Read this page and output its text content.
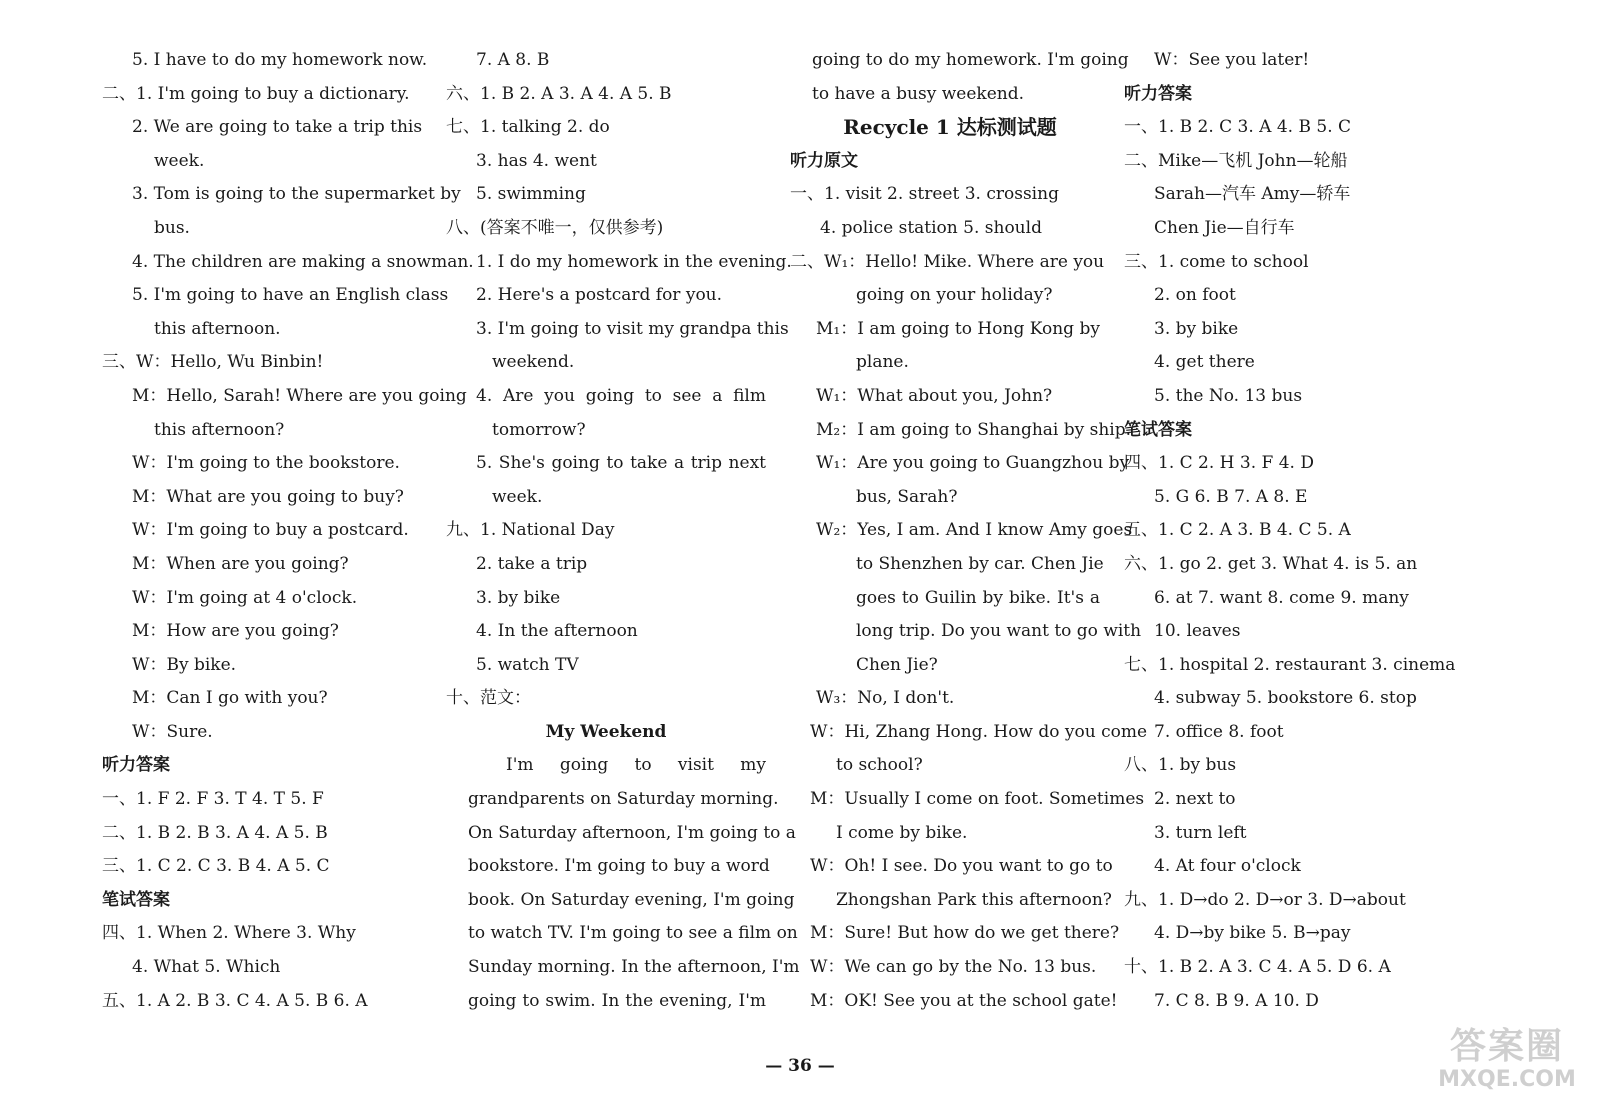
5. I have to do my homework now.
二、1. I'm going to buy a dictionary.
2. We are going to take a trip this
week.
3. Tom is going to the supermarket by
bus.
4. The children are making a snowman.
5. I'm going to have an English class
this afternoon.
三、W：Hello, Wu Binbin!
M：Hello, Sarah! Where are you going
this afternoon?
W：I'm going to the bookstore.
M：What are you going to buy?
W：I'm going to buy a postcard.
M：When are you going?
W：I'm going at 4 o'clock.
M：How are you going?
W：By bike.
M：Can I go with you?
W：Sure.
听力答案
一、1. F 2. F 3. T 4. T 5. F
二、1. B 2. B 3. A 4. A 5. B
三、1. C 2. C 3. B 4. A 5. C
笔试答案
四、1. When 2. Where 3. Why
4. What 5. Which
五、1. A 2. B 3. C 4. A 5. B 6. A
7. A 8. B
六、1. B 2. A 3. A 4. A 5. B
七、1. talking 2. do
3. has 4. went
5. swimming
八、(答案不唯一，仅供参考)
1. I do my homework in the evening.
2. Here's a postcard for you.
3. I'm going to visit my grandpa this
weekend.
4. Are you going to see a film
tomorrow?
5. She's going to take a trip next
week.
九、1. National Day
2. take a trip
3. by bike
4. In the afternoon
5. watch TV
十、范文：
My Weekend
I'm going to visit my
grandparents on Saturday morning.
On Saturday afternoon, I'm going to a
bookstore. I'm going to buy a word
book. On Saturday evening, I'm going
to watch TV. I'm going to see a film on
Sunday morning. In the afternoon, I'm
going to swim. In the evening, I'm
going to do my homework. I'm going
to have a busy weekend.
Recycle 1 达标测试题
听力原文
一、1. visit 2. street 3. crossing
4. police station 5. should
二、W₁：Hello! Mike. Where are you
going on your holiday?
M₁：I am going to Hong Kong by
plane.
W₁：What about you, John?
M₂：I am going to Shanghai by ship.
W₁：Are you going to Guangzhou by
bus, Sarah?
W₂：Yes, I am. And I know Amy goes
to Shenzhen by car. Chen Jie
goes to Guilin by bike. It's a
long trip. Do you want to go with
Chen Jie?
W₃：No, I don't.
W：Hi, Zhang Hong. How do you come
to school?
M：Usually I come on foot. Sometimes
I come by bike.
W：Oh! I see. Do you want to go to
Zhongshan Park this afternoon?
M：Sure! But how do we get there?
W：We can go by the No. 13 bus.
M：OK! See you at the school gate!
W：See you later!
听力答案
一、1. B 2. C 3. A 4. B 5. C
二、Mike—飞机 John—轮船
Sarah—汽车 Amy—轿车
Chen Jie—自行车
三、1. come to school
2. on foot
3. by bike
4. get there
5. the No. 13 bus
笔试答案
四、1. C 2. H 3. F 4. D
5. G 6. B 7. A 8. E
五、1. C 2. A 3. B 4. C 5. A
六、1. go 2. get 3. What 4. is 5. an
6. at 7. want 8. come 9. many
10. leaves
七、1. hospital 2. restaurant 3. cinema
4. subway 5. bookstore 6. stop
7. office 8. foot
八、1. by bus
2. next to
3. turn left
4. At four o'clock
九、1. D→do 2. D→or 3. D→about
4. D→by bike 5. B→pay
十、1. B 2. A 3. C 4. A 5. D 6. A
7. C 8. B 9. A 10. D
— 36 —	答案圈
MXQE.COM
